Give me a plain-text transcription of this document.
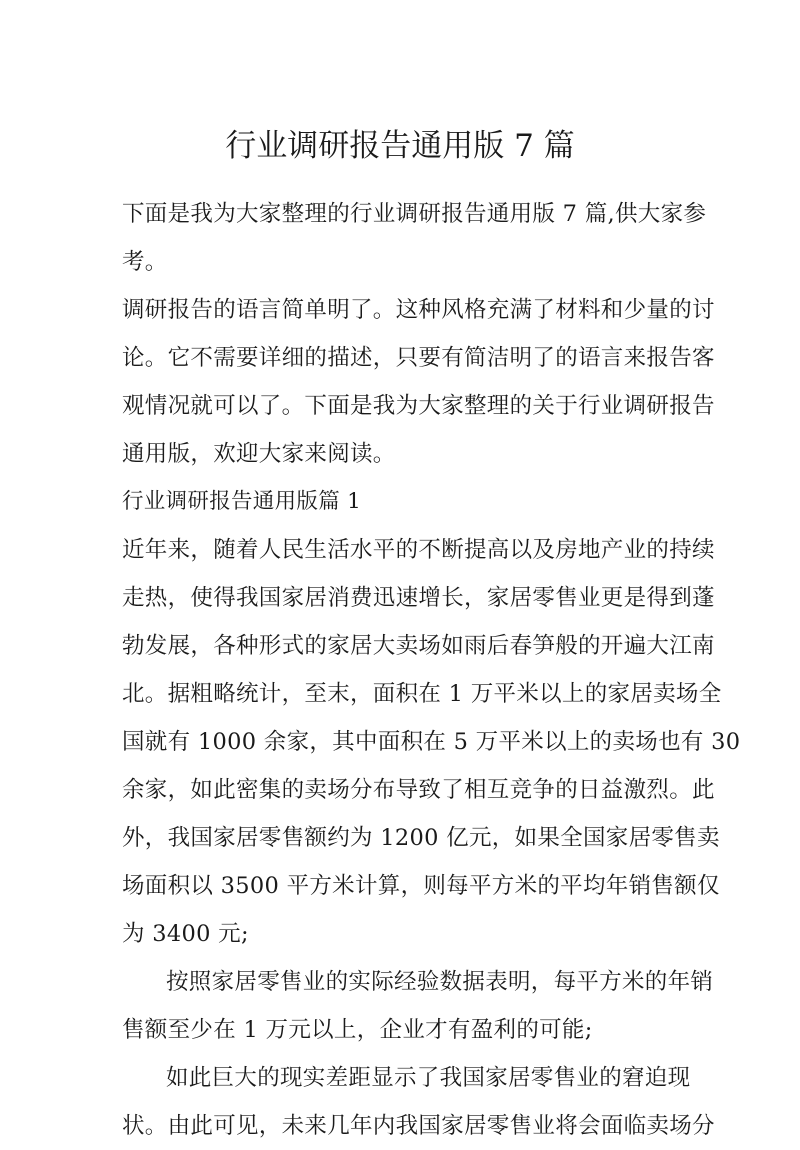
行业调研报告通用版 7 篇
下面是我为大家整理的行业调研报告通用版 7 篇,供大家参
考。
调研报告的语言简单明了。这种风格充满了材料和少量的讨
论。它不需要详细的描述，只要有简洁明了的语言来报告客
观情况就可以了。下面是我为大家整理的关于行业调研报告
通用版，欢迎大家来阅读。
行业调研报告通用版篇 1
近年来，随着人民生活水平的不断提高以及房地产业的持续
走热，使得我国家居消费迅速增长，家居零售业更是得到蓬
勃发展，各种形式的家居大卖场如雨后春笋般的开遍大江南
北。据粗略统计，至末，面积在 1 万平米以上的家居卖场全
国就有 1000 余家，其中面积在 5 万平米以上的卖场也有 30
余家，如此密集的卖场分布导致了相互竞争的日益激烈。此
外，我国家居零售额约为 1200 亿元，如果全国家居零售卖
场面积以 3500 平方米计算，则每平方米的平均年销售额仅
为 3400 元;
按照家居零售业的实际经验数据表明，每平方米的年销
售额至少在 1 万元以上，企业才有盈利的可能;
如此巨大的现实差距显示了我国家居零售业的窘迫现
状。由此可见，未来几年内我国家居零售业将会面临卖场分
